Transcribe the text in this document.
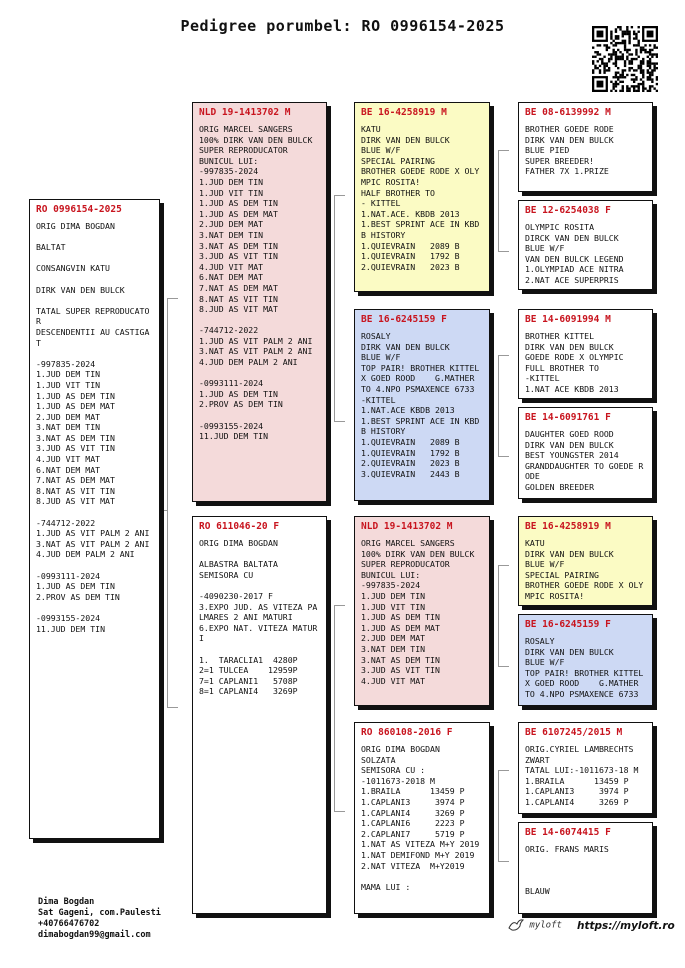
Pedigree porumbel: RO 0996154-2025
RO 0996154-2025
ORIG DIMA BOGDAN
BALTAT
CONSANGVIN KATU
DIRK VAN DEN BULCK
TATAL SUPER REPRODUCATOR
DESCENDENTII AU CASTIGAT
-997835-2024
1.JUD DEM TIN
1.JUD VIT TIN
1.JUD AS DEM TIN
1.JUD AS DEM MAT
2.JUD DEM MAT
3.NAT DEM TIN
3.NAT AS DEM TIN
3.JUD AS VIT TIN
4.JUD VIT MAT
6.NAT DEM MAT
7.NAT AS DEM MAT
8.NAT AS VIT TIN
8.JUD AS VIT MAT
-744712-2022
1.JUD AS VIT PALM 2 ANI
3.NAT AS VIT PALM 2 ANI
4.JUD DEM PALM 2 ANI
-0993111-2024
1.JUD AS DEM TIN
2.PROV AS DEM TIN
-0993155-2024
11.JUD DEM TIN
NLD 19-1413702 M
ORIG MARCEL SANGERS
100% DIRK VAN DEN BULCK
SUPER REPRODUCATOR
BUNICUL LUI:
-997835-2024
1.JUD DEM TIN
1.JUD VIT TIN
1.JUD AS DEM TIN
1.JUD AS DEM MAT
2.JUD DEM MAT
3.NAT DEM TIN
3.NAT AS DEM TIN
3.JUD AS VIT TIN
4.JUD VIT MAT
6.NAT DEM MAT
7.NAT AS DEM MAT
8.NAT AS VIT TIN
8.JUD AS VIT MAT
-744712-2022
1.JUD AS VIT PALM 2 ANI
3.NAT AS VIT PALM 2 ANI
4.JUD DEM PALM 2 ANI
-0993111-2024
1.JUD AS DEM TIN
2.PROV AS DEM TIN
-0993155-2024
11.JUD DEM TIN
RO 611046-20 F
ORIG DIMA BOGDAN
ALBASTRA BALTATA
SEMISORA CU
-4090230-2017 F
3.EXPO JUD. AS VITEZA PALMARES 2 ANI MATURI
6.EXPO NAT. VITEZA MATURI
1.  TARACLIA1  4280P
2=1 TULCEA    12959P
7=1 CAPLANI1   5708P
8=1 CAPLANI4   3269P
BE 16-4258919 M
KATU
DIRK VAN DEN BULCK
BLUE W/F
SPECIAL PAIRING
BROTHER GOEDE RODE X OLYMPIC ROSITA!
HALF BROTHER TO
- KITTEL
1.NAT.ACE. KBDB 2013
1.BEST SPRINT ACE IN KBD B HISTORY
1.QUIEVRAIN   2089 B
1.QUIEVRAIN   1792 B
2.QUIEVRAIN   2023 B
BE 16-6245159 F
ROSALY
DIRK VAN DEN BULCK
BLUE W/F
TOP PAIR! BROTHER KITTEL X GOED ROOD    G.MATHER TO 4.NPO PSMAXENCE 6733
-KITTEL
1.NAT.ACE KBDB 2013
1.BEST SPRINT ACE IN KBD B HISTORY
1.QUIEVRAIN   2089 B
1.QUIEVRAIN   1792 B
2.QUIEVRAIN   2023 B
3.QUIEVRAIN   2443 B
NLD 19-1413702 M
ORIG MARCEL SANGERS
100% DIRK VAN DEN BULCK
SUPER REPRODUCATOR
BUNICUL LUI:
-997835-2024
1.JUD DEM TIN
1.JUD VIT TIN
1.JUD AS DEM TIN
1.JUD AS DEM MAT
2.JUD DEM MAT
3.NAT DEM TIN
3.NAT AS DEM TIN
3.JUD AS VIT TIN
4.JUD VIT MAT
RO 860108-2016 F
ORIG DIMA BOGDAN
SOLZATA
SEMISORA CU :
-1011673-2018 M
1.BRAILA      13459 P
1.CAPLANI3     3974 P
1.CAPLANI4     3269 P
1.CAPLANI6     2223 P
2.CAPLANI7     5719 P
1.NAT AS VITEZA M+Y 2019
1.NAT DEMIFOND M+Y 2019
2.NAT VITEZA  M+Y2019
MAMA LUI :
BE 08-6139992 M
BROTHER GOEDE RODE
DIRK VAN DEN BULCK
BLUE PIED
SUPER BREEDER!
FATHER 7X 1.PRIZE
BE 12-6254038 F
OLYMPIC ROSITA
DIRCK VAN DEN BULCK
BLUE W/F
VAN DEN BULCK LEGEND
1.OLYMPIAD ACE NITRA
2.NAT ACE SUPERPRIS
BE 14-6091994 M
BROTHER KITTEL
DIRK VAN DEN BULCK
GOEDE RODE X OLYMPIC
FULL BROTHER TO
-KITTEL
1.NAT ACE KBDB 2013
BE 14-6091761 F
DAUGHTER GOED ROOD
DIRK VAN DEN BULCK
BEST YOUNGSTER 2014
GRANDDAUGHTER TO GOEDE RODE
GOLDEN BREEDER
BE 16-4258919 M
KATU
DIRK VAN DEN BULCK
BLUE W/F
SPECIAL PAIRING
BROTHER GOEDE RODE X OLYMPIC ROSITA!
BE 16-6245159 F
ROSALY
DIRK VAN DEN BULCK
BLUE W/F
TOP PAIR! BROTHER KITTEL X GOED ROOD    G.MATHER TO 4.NPO PSMAXENCE 6733
BE 6107245/2015 M
ORIG.CYRIEL LAMBRECHTS
ZWART
TATAL LUI:-1011673-18 M
1.BRAILA      13459 P
1.CAPLANI3     3974 P
1.CAPLANI4     3269 P
BE 14-6074415 F
ORIG. FRANS MARIS
BLAUW
Dima Bogdan
Sat Gageni, com.Paulesti
+40766476702
dimabogdan99@gmail.com
myloft https://myloft.ro
